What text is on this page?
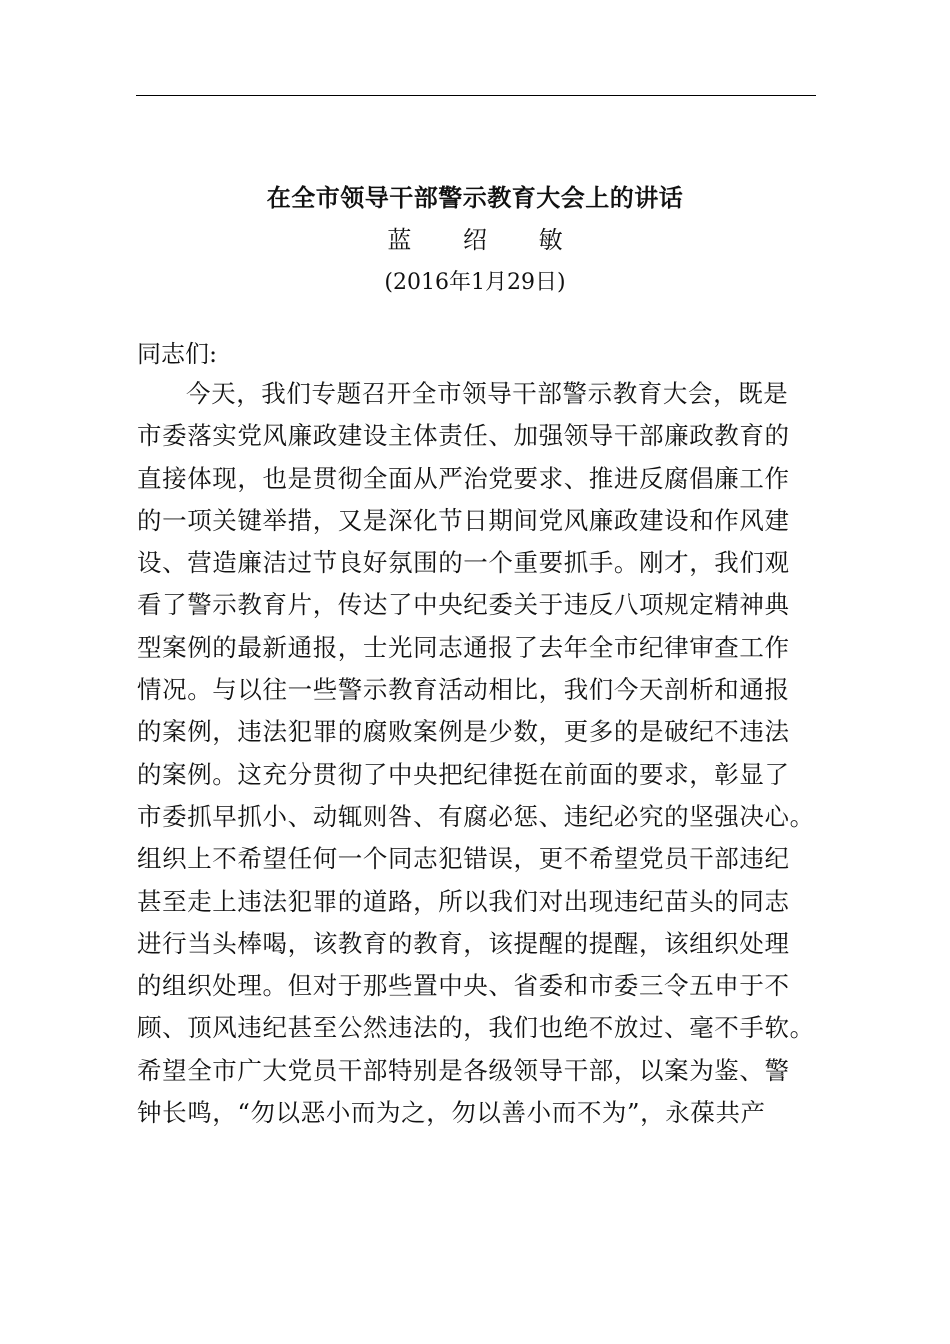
在全市领导干部警示教育大会上的讲话
蓝 绍 敏
(2016年1月29日)
同志们:
今天，我们专题召开全市领导干部警示教育大会，既是
市委落实党风廉政建设主体责任、加强领导干部廉政教育的
直接体现，也是贯彻全面从严治党要求、推进反腐倡廉工作
的一项关键举措，又是深化节日期间党风廉政建设和作风建
设、营造廉洁过节良好氛围的一个重要抓手。刚才，我们观
看了警示教育片，传达了中央纪委关于违反八项规定精神典
型案例的最新通报，士光同志通报了去年全市纪律审查工作
情况。与以往一些警示教育活动相比，我们今天剖析和通报
的案例，违法犯罪的腐败案例是少数，更多的是破纪不违法
的案例。这充分贯彻了中央把纪律挺在前面的要求，彰显了
市委抓早抓小、动辄则咎、有腐必惩、违纪必究的坚强决心。
组织上不希望任何一个同志犯错误，更不希望党员干部违纪
甚至走上违法犯罪的道路，所以我们对出现违纪苗头的同志
进行当头棒喝，该教育的教育，该提醒的提醒，该组织处理
的组织处理。但对于那些置中央、省委和市委三令五申于不
顾、顶风违纪甚至公然违法的，我们也绝不放过、毫不手软。
希望全市广大党员干部特别是各级领导干部，以案为鉴、警
钟长鸣，“勿以恶小而为之，勿以善小而不为”，永葆共产
